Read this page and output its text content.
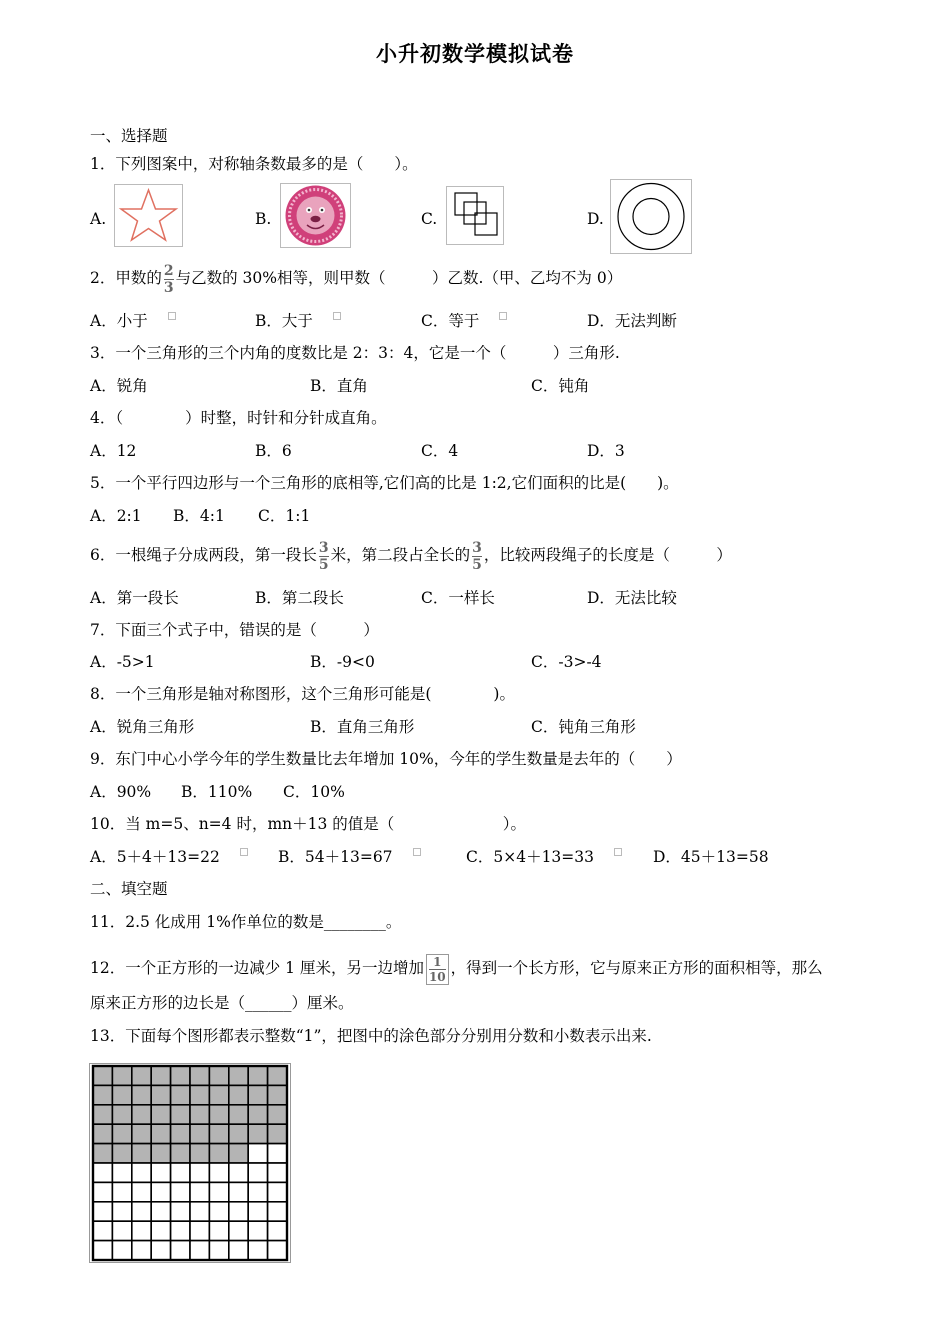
小升初数学模拟试卷
一、选择题
1．下列图案中，对称轴条数最多的是（　　）。
A.	B.	C.	D.
2．甲数的 $\frac{2}{3}$ 与乙数的 30%相等，则甲数（　　　）乙数.（甲、乙均不为 0）
A．小于	B．大于	C．等于	D．无法判断
3．一个三角形的三个内角的度数比是 2：3：4，它是一个（　　　）三角形.
A．锐角	B．直角	C．钝角
4．（　　　　）时整，时针和分针成直角。
A．12	B．6	C．4	D．3
5．一个平行四边形与一个三角形的底相等,它们高的比是 1:2,它们面积的比是(　　)。
A．2:1 B．4:1 C．1:1
6．一根绳子分成两段，第一段长 $\frac{3}{5}$ 米，第二段占全长的 $\frac{3}{5}$ ，比较两段绳子的长度是（　　　）
A．第一段长	B．第二段长	C．一样长	D．无法比较
7．下面三个式子中，错误的是（　　　）
A．-5>1	B．-9<0	C．-3>-4
8．一个三角形是轴对称图形，这个三角形可能是(　　　　)。
A．锐角三角形	B．直角三角形	C．钝角三角形
9．东门中心小学今年的学生数量比去年增加 10%，今年的学生数量是去年的（　　）
A．90% B．110% C．10%
10．当 m=5、n=4 时，mn＋13 的值是（　　　　　　　）。
A．5＋4＋13=22	B．54＋13=67	C．5×4＋13=33	D．45＋13=58
二、填空题
11．2.5 化成用 1%作单位的数是________。
12．一个正方形的一边减少 1 厘米，另一边增加 $\frac{1}{10}$ ，得到一个长方形，它与原来正方形的面积相等，那么
原来正方形的边长是（______）厘米。
13．下面每个图形都表示整数“1”，把图中的涂色部分分别用分数和小数表示出来.
